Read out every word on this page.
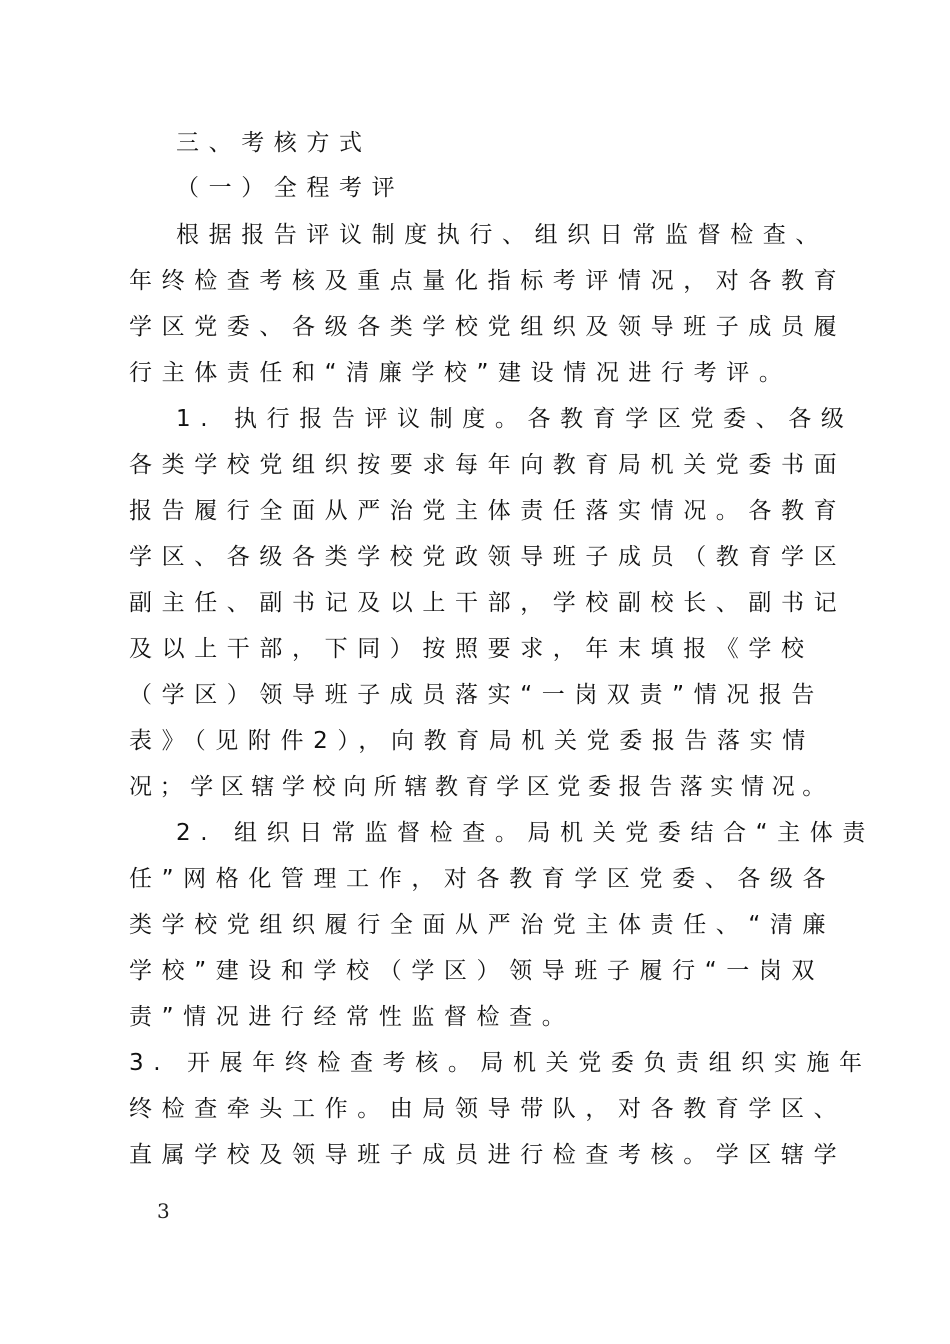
三、考核方式
（一）全程考评
根据报告评议制度执行、组织日常监督检查、
年终检查考核及重点量化指标考评情况，对各教育
学区党委、各级各类学校党组织及领导班子成员履
行主体责任和“清廉学校”建设情况进行考评。
1. 执行报告评议制度。各教育学区党委、各级
各类学校党组织按要求每年向教育局机关党委书面
报告履行全面从严治党主体责任落实情况。各教育
学区、各级各类学校党政领导班子成员（教育学区
副主任、副书记及以上干部，学校副校长、副书记
及以上干部，下同）按照要求，年末填报《学校
（学区）领导班子成员落实“一岗双责”情况报告
表》（见附件2），向教育局机关党委报告落实情
况；学区辖学校向所辖教育学区党委报告落实情况。
2. 组织日常监督检查。局机关党委结合“主体责
任”网格化管理工作，对各教育学区党委、各级各
类学校党组织履行全面从严治党主体责任、“清廉
学校”建设和学校（学区）领导班子履行“一岗双
责”情况进行经常性监督检查。
3. 开展年终检查考核。局机关党委负责组织实施年
终检查牵头工作。由局领导带队，对各教育学区、
直属学校及领导班子成员进行检查考核。学区辖学
3
